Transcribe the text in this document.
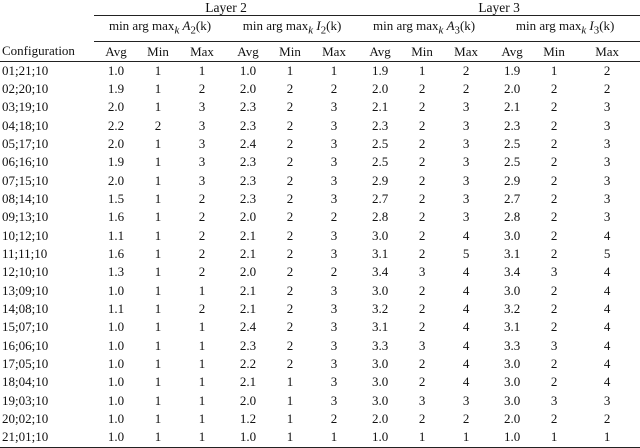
	Layer 2						Layer 3					
	min arg $\max_k A_2(k)$			min arg $\max_k I_2(k)$			min arg $\max_k A_3(k)$			min arg $\max_k I_3(k)$		
Configuration	Avg	Min	Max	Avg	Min	Max	Avg	Min	Max	Avg	Min	Max
01;21;10	1.0	1	1	1.0	1	1	1.9	1	2	1.9	1	2
02;20;10	1.9	1	2	2.0	2	2	2.0	2	2	2.0	2	2
03;19;10	2.0	1	3	2.3	2	3	2.1	2	3	2.1	2	3
04;18;10	2.2	2	3	2.3	2	3	2.3	2	3	2.3	2	3
05;17;10	2.0	1	3	2.4	2	3	2.5	2	3	2.5	2	3
06;16;10	1.9	1	3	2.3	2	3	2.5	2	3	2.5	2	3
07;15;10	2.0	1	3	2.3	2	3	2.9	2	3	2.9	2	3
08;14;10	1.5	1	2	2.3	2	3	2.7	2	3	2.7	2	3
09;13;10	1.6	1	2	2.0	2	2	2.8	2	3	2.8	2	3
10;12;10	1.1	1	2	2.1	2	3	3.0	2	4	3.0	2	4
11;11;10	1.6	1	2	2.1	2	3	3.1	2	5	3.1	2	5
12;10;10	1.3	1	2	2.0	2	2	3.4	3	4	3.4	3	4
13;09;10	1.0	1	1	2.1	2	3	3.0	2	4	3.0	2	4
14;08;10	1.1	1	2	2.1	2	3	3.2	2	4	3.2	2	4
15;07;10	1.0	1	1	2.4	2	3	3.1	2	4	3.1	2	4
16;06;10	1.0	1	1	2.3	2	3	3.3	3	4	3.3	3	4
17;05;10	1.0	1	1	2.2	2	3	3.0	2	4	3.0	2	4
18;04;10	1.0	1	1	2.1	1	3	3.0	2	4	3.0	2	4
19;03;10	1.0	1	1	2.0	1	3	3.0	3	3	3.0	3	3
20;02;10	1.0	1	1	1.2	1	2	2.0	2	2	2.0	2	2
21;01;10	1.0	1	1	1.0	1	1	1.0	1	1	1.0	1	1
